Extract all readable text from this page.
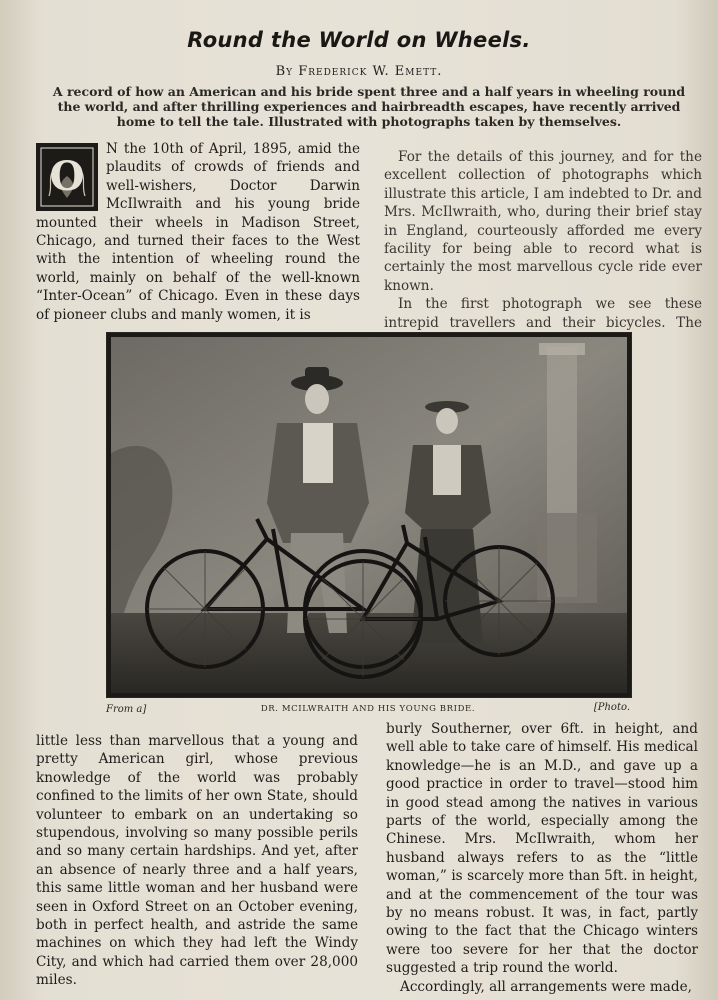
Round the World on Wheels.
By Frederick W. Emett.
A record of how an American and his bride spent three and a half years in wheeling round the world, and after thrilling experiences and hairbreadth escapes, have recently arrived home to tell the tale. Illustrated with photographs taken by themselves.
O

N the 10th of April, 1895, amid the plaudits of crowds of friends and well-wishers, Doctor Darwin McIlwraith and his young bride mounted their wheels in Madison Street, Chicago, and turned their faces to the West with the intention of wheeling round the world, mainly on behalf of the well-known “Inter-Ocean” of Chicago. Even in these days of pioneer clubs and manly women, it is

For the details of this journey, and for the excellent collection of photographs which illustrate this article, I am indebted to Dr. and Mrs. McIlwraith, who, during their brief stay in England, courteously afforded me every facility for being able to record what is certainly the most marvellous cycle ride ever known.

In the first photograph we see these intrepid travellers and their bicycles. The

From a]	DR. MCILWRAITH AND HIS YOUNG BRIDE.	[Photo.

little less than marvellous that a young and pretty American girl, whose previous knowledge of the world was probably confined to the limits of her own State, should volunteer to embark on an undertaking so stupendous, involving so many possible perils and so many certain hardships. And yet, after an absence of nearly three and a half years, this same little woman and her husband were seen in Oxford Street on an October evening, both in perfect health, and astride the same machines on which they had left the Windy City, and which had carried them over 28,000 miles.

burly Southerner, over 6ft. in height, and well able to take care of himself. His medical knowledge—he is an M.D., and gave up a good practice in order to travel—stood him in good stead among the natives in various parts of the world, especially among the Chinese. Mrs. McIlwraith, whom her husband always refers to as the “little woman,” is scarcely more than 5ft. in height, and at the commencement of the tour was by no means robust. It was, in fact, partly owing to the fact that the Chicago winters were too severe for her that the doctor suggested a trip round the world.

Accordingly, all arrangements were made,
